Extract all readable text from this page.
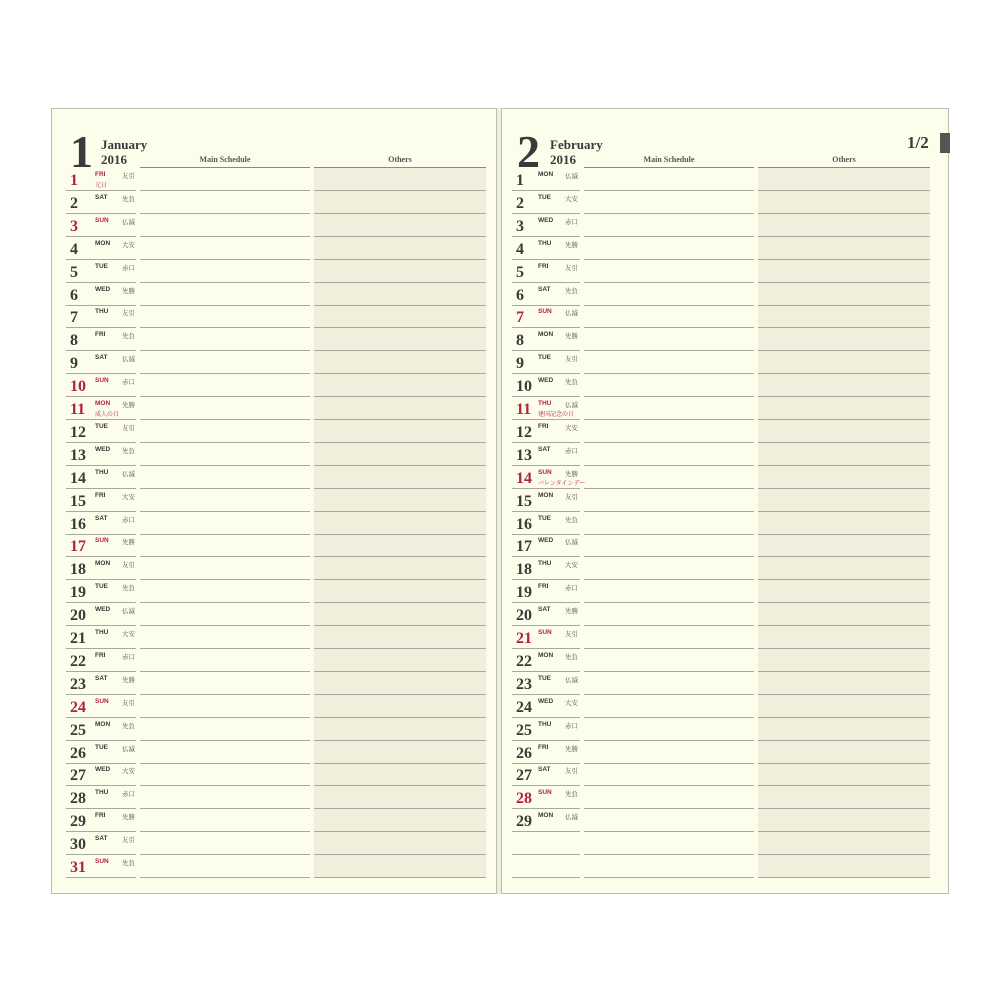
1 January
2016	Main Schedule	Others
1	FRI	友引
元日
2	SAT 先負
3	SUN 仏滅
4	MON 大安
5	TUE 赤口
6	WED 先勝
7	THU 友引
8	FRI	先負
9	SAT 仏滅
10	SUN 赤口
11	MON 先勝
成人の日
12	TUE 友引
13	WED 先負
14	THU 仏滅
15	FRI	大安
16	SAT 赤口
17	SUN 先勝
18	MON 友引
19	TUE 先負
20	WED 仏滅
21	THU 大安
22	FRI	赤口
23	SAT 先勝
24	SUN 友引
25	MON 先負
26	TUE 仏滅
27	WED 大安
28	THU 赤口
29	FRI	先勝
30	SAT 友引
31	SUN 先負
2 February
2016	Main Schedule	Others
1/2
1	MON 仏滅
2	TUE 大安
3	WED 赤口
4	THU 先勝
5	FRI	友引
6	SAT 先負
7	SUN 仏滅
8	MON 先勝
9	TUE 友引
10 WED 先負
11	THU 仏滅
建国記念の日
12 FRI	大安
13 SAT 赤口
14 SUN 先勝
バレンタインデー
15 MON 友引
16 TUE 先負
17 WED 仏滅
18 THU 大安
19 FRI	赤口
20 SAT 先勝
21 SUN 友引
22 MON 先負
23 TUE 仏滅
24 WED 大安
25 THU 赤口
26 FRI	先勝
27 SAT 友引
28 SUN 先負
29 MON 仏滅
